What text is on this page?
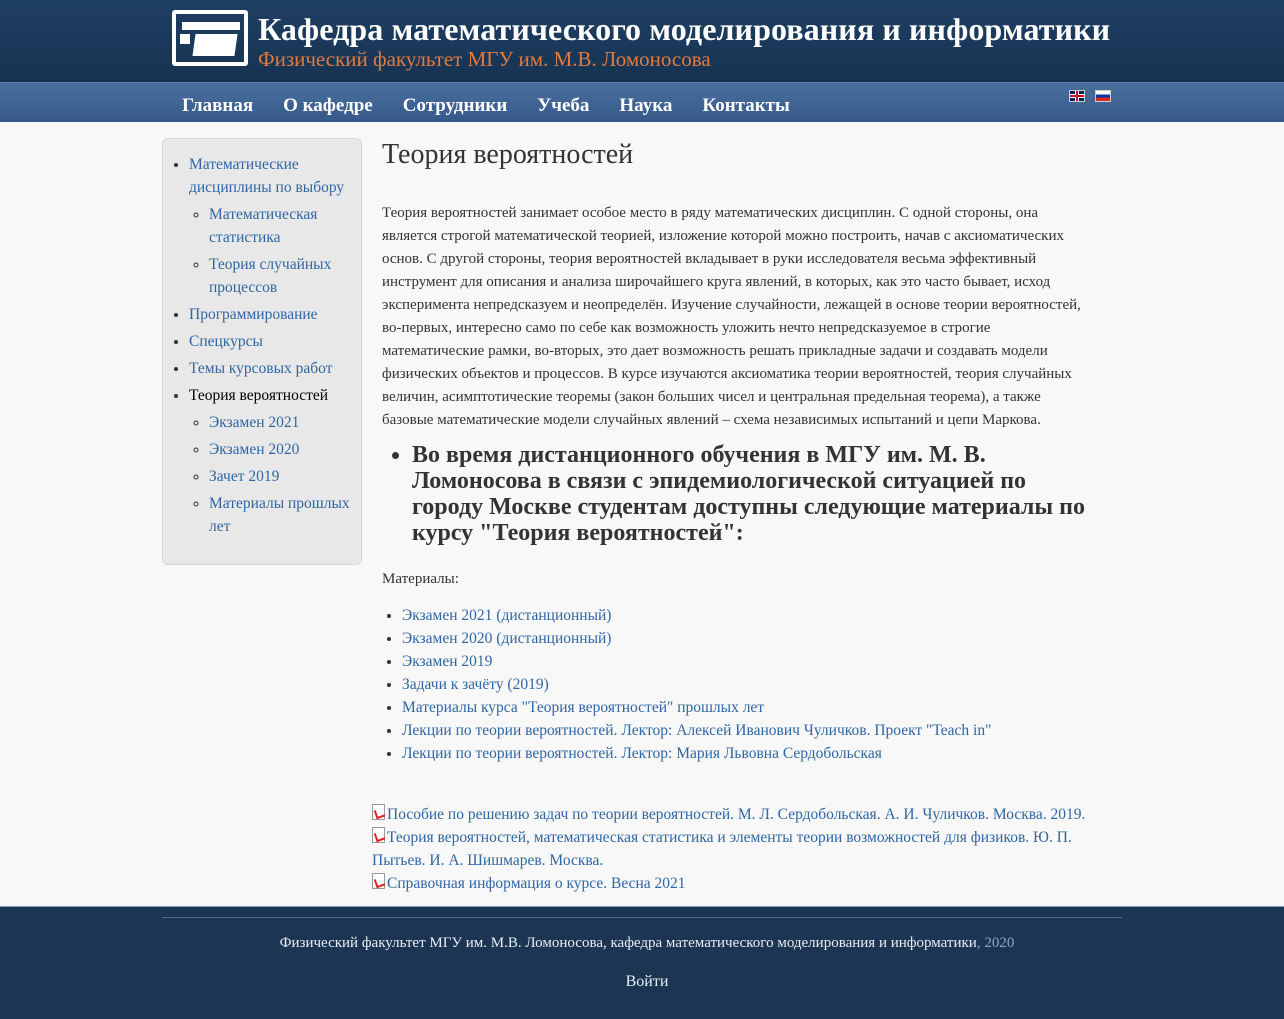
Кафедра математического моделирования и информатики
Физический факультет МГУ им. М.В. Ломоносова
Главная	О кафедре	Сотрудники	Учеба	Наука	Контакты
• Математические дисциплины по выбору
◦ Математическая статистика
◦ Теория случайных процессов
• Программирование
• Спецкурсы
• Темы курсовых работ
• Теория вероятностей
◦ Экзамен 2021
◦ Экзамен 2020
◦ Зачет 2019
◦ Материалы прошлых лет
Теория вероятностей

Теория вероятностей занимает особое место в ряду математических дисциплин. С одной стороны, она является строгой математической теорией, изложение которой можно построить, начав с аксиоматических основ. С другой стороны, теория вероятностей вкладывает в руки исследователя весьма эффективный инструмент для описания и анализа широчайшего круга явлений, в которых, как это часто бывает, исход эксперимента непредсказуем и неопределён. Изучение случайности, лежащей в основе теории вероятностей, во-первых, интересно само по себе как возможность уложить нечто непредсказуемое в строгие математические рамки, во-вторых, это дает возможность решать прикладные задачи и создавать модели физических объектов и процессов. В курсе изучаются аксиоматика теории вероятностей, теория случайных величин, асимптотические теоремы (закон больших чисел и центральная предельная теорема), а также базовые математические модели случайных явлений – схема независимых испытаний и цепи Маркова.

• Во время дистанционного обучения в МГУ им. М. В. Ломоносова в связи с эпидемиологической ситуацией по городу Москве студентам доступны следующие материалы по курсу "Теория вероятностей":

Материалы:

• Экзамен 2021 (дистанционный)
• Экзамен 2020 (дистанционный)
• Экзамен 2019
• Задачи к зачёту (2019)
• Материалы курса "Теория вероятностей" прошлых лет
• Лекции по теории вероятностей. Лектор: Алексей Иванович Чуличков. Проект "Teach in"
• Лекции по теории вероятностей. Лектор: Мария Львовна Сердобольская
Пособие по решению задач по теории вероятностей. М. Л. Сердобольская. А. И. Чуличков. Москва. 2019.
Теория вероятностей, математическая статистика и элементы теории возможностей для физиков. Ю. П. Пытьев. И. А. Шишмарев. Москва.
Справочная информация о курсе. Весна 2021
Физический факультет МГУ им. М.В. Ломоносова, кафедра математического моделирования и информатики, 2020
Войти
